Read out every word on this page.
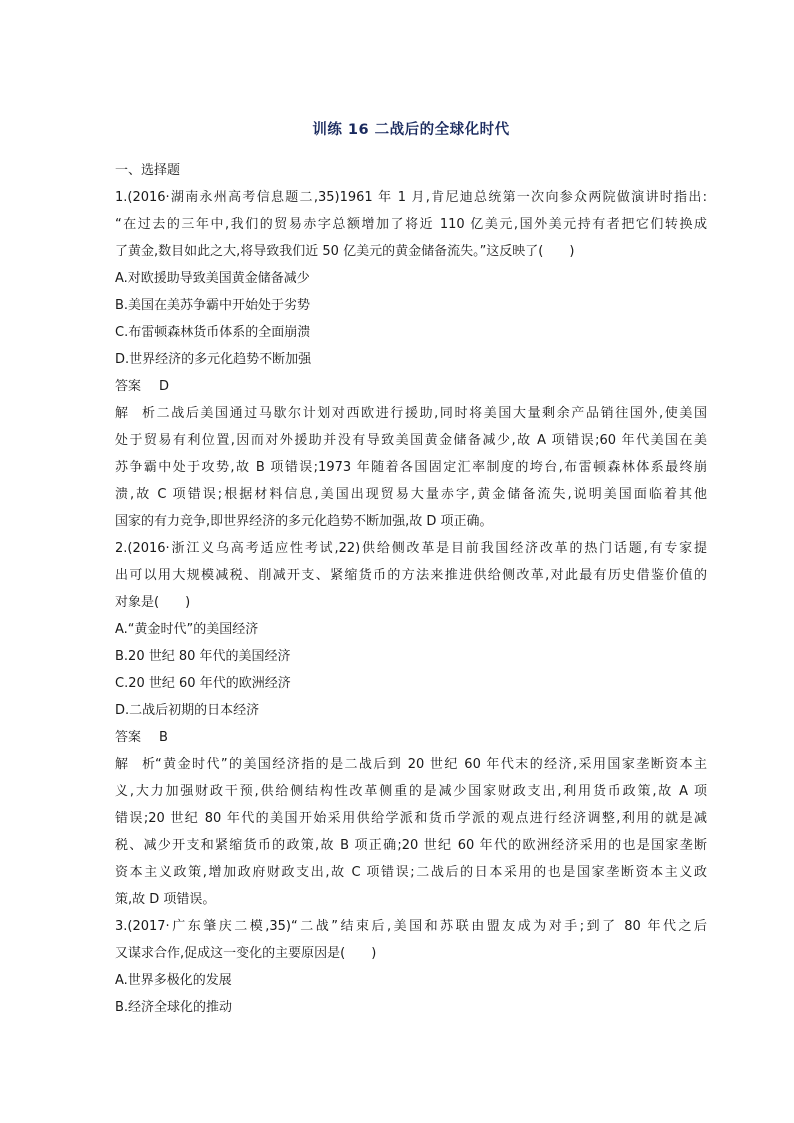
训练 16 二战后的全球化时代
一、选择题
1.(2016·湖南永州高考信息题二,35)1961 年 1 月,肯尼迪总统第一次向参众两院做演讲时指出:
“在过去的三年中,我们的贸易赤字总额增加了将近 110 亿美元,国外美元持有者把它们转换成
了黄金,数目如此之大,将导致我们近 50 亿美元的黄金储备流失。”这反映了(　　)
A.对欧援助导致美国黄金储备减少
B.美国在美苏争霸中开始处于劣势
C.布雷顿森林货币体系的全面崩溃
D.世界经济的多元化趋势不断加强
答案 D
解析二战后美国通过马歇尔计划对西欧进行援助,同时将美国大量剩余产品销往国外,使美国
处于贸易有利位置,因而对外援助并没有导致美国黄金储备减少,故 A 项错误;60 年代美国在美
苏争霸中处于攻势,故 B 项错误;1973 年随着各国固定汇率制度的垮台,布雷顿森林体系最终崩
溃,故 C 项错误;根据材料信息,美国出现贸易大量赤字,黄金储备流失,说明美国面临着其他
国家的有力竞争,即世界经济的多元化趋势不断加强,故 D 项正确。
2.(2016·浙江义乌高考适应性考试,22)供给侧改革是目前我国经济改革的热门话题,有专家提
出可以用大规模减税、削减开支、紧缩货币的方法来推进供给侧改革,对此最有历史借鉴价值的
对象是(　　)
A.“黄金时代”的美国经济
B.20 世纪 80 年代的美国经济
C.20 世纪 60 年代的欧洲经济
D.二战后初期的日本经济
答案 B
解析“黄金时代”的美国经济指的是二战后到 20 世纪 60 年代末的经济,采用国家垄断资本主
义,大力加强财政干预,供给侧结构性改革侧重的是减少国家财政支出,利用货币政策,故 A 项
错误;20 世纪 80 年代的美国开始采用供给学派和货币学派的观点进行经济调整,利用的就是减
税、减少开支和紧缩货币的政策,故 B 项正确;20 世纪 60 年代的欧洲经济采用的也是国家垄断
资本主义政策,增加政府财政支出,故 C 项错误;二战后的日本采用的也是国家垄断资本主义政
策,故 D 项错误。
3.(2017·广东肇庆二模,35)“二战”结束后,美国和苏联由盟友成为对手;到了 80 年代之后
又谋求合作,促成这一变化的主要原因是(　　)
A.世界多极化的发展
B.经济全球化的推动
